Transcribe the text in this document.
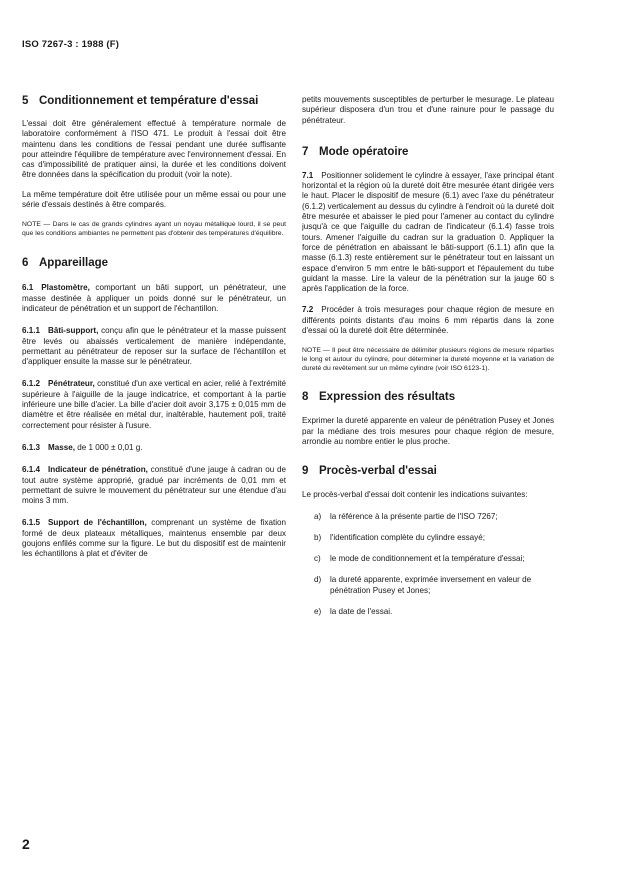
ISO 7267-3 : 1988 (F)
5 Conditionnement et température d'essai

L'essai doit être généralement effectué à température normale de laboratoire conformément à l'ISO 471. Le produit à l'essai doit être maintenu dans les conditions de l'essai pendant une durée suffisante pour atteindre l'équilibre de température avec l'environnement d'essai. En cas d'impossibilité de pratiquer ainsi, la durée et les conditions doivent être données dans la spécification du produit (voir la note).

La même température doit être utilisée pour un même essai ou pour une série d'essais destinés à être comparés.

NOTE — Dans le cas de grands cylindres ayant un noyau métallique lourd, il se peut que les conditions ambiantes ne permettent pas d'obtenir des températures d'équilibre.

6 Appareillage

6.1 Plastomètre, comportant un bâti support, un pénétrateur, une masse destinée à appliquer un poids donné sur le pénétrateur, un indicateur de pénétration et un support de l'échantillon.

6.1.1 Bâti-support, conçu afin que le pénétrateur et la masse puissent être levés ou abaissés verticalement de manière indépendante, permettant au pénétrateur de reposer sur la surface de l'échantillon et d'appliquer ensuite la masse sur le pénétrateur.

6.1.2 Pénétrateur, constitué d'un axe vertical en acier, relié à l'extrémité supérieure à l'aiguille de la jauge indicatrice, et comportant à la partie inférieure une bille d'acier. La bille d'acier doit avoir 3,175 ± 0,015 mm de diamètre et être réalisée en métal dur, inaltérable, hautement poli, traité correctement pour résister à l'usure.

6.1.3 Masse, de 1 000 ± 0,01 g.

6.1.4 Indicateur de pénétration, constitué d'une jauge à cadran ou de tout autre système approprié, gradué par incréments de 0,01 mm et permettant de suivre le mouvement du pénétrateur sur une étendue d'au moins 3 mm.

6.1.5 Support de l'échantillon, comprenant un système de fixation formé de deux plateaux métalliques, maintenus ensemble par deux goujons enfilés comme sur la figure. Le but du dispositif est de maintenir les échantillons à plat et d'éviter de

petits mouvements susceptibles de perturber le mesurage. Le plateau supérieur disposera d'un trou et d'une rainure pour le passage du pénétrateur.

7 Mode opératoire

7.1 Positionner solidement le cylindre à essayer, l'axe principal étant horizontal et la région où la dureté doit être mesurée étant dirigée vers le haut. Placer le dispositif de mesure (6.1) avec l'axe du pénétrateur (6.1.2) verticalement au dessus du cylindre à l'endroit où la dureté doit être mesurée et abaisser le pied pour l'amener au contact du cylindre jusqu'à ce que l'aiguille du cadran de l'indicateur (6.1.4) fasse trois tours. Amener l'aiguille du cadran sur la graduation 0. Appliquer la force de pénétration en abaissant le bâti-support (6.1.1) afin que la masse (6.1.3) reste entièrement sur le pénétrateur tout en laissant un espace d'environ 5 mm entre le bâti-support et l'épaulement du tube guidant la masse. Lire la valeur de la pénétration sur la jauge 60 s après l'application de la force.

7.2 Procéder à trois mesurages pour chaque région de mesure en différents points distants d'au moins 6 mm répartis dans la zone d'essai où la dureté doit être déterminée.

NOTE — Il peut être nécessaire de délimiter plusieurs régions de mesure réparties le long et autour du cylindre, pour déterminer la dureté moyenne et la variation de dureté du revêtement sur un même cylindre (voir ISO 6123-1).

8 Expression des résultats

Exprimer la dureté apparente en valeur de pénétration Pusey et Jones par la médiane des trois mesures pour chaque région de mesure, arrondie au nombre entier le plus proche.

9 Procès-verbal d'essai

Le procès-verbal d'essai doit contenir les indications suivantes:

a)	la référence à la présente partie de l'ISO 7267;
b)	l'identification complète du cylindre essayé;
c)	le mode de conditionnement et la température d'essai;
d)	la dureté apparente, exprimée inversement en valeur de pénétration Pusey et Jones;
e)	la date de l'essai.
2
